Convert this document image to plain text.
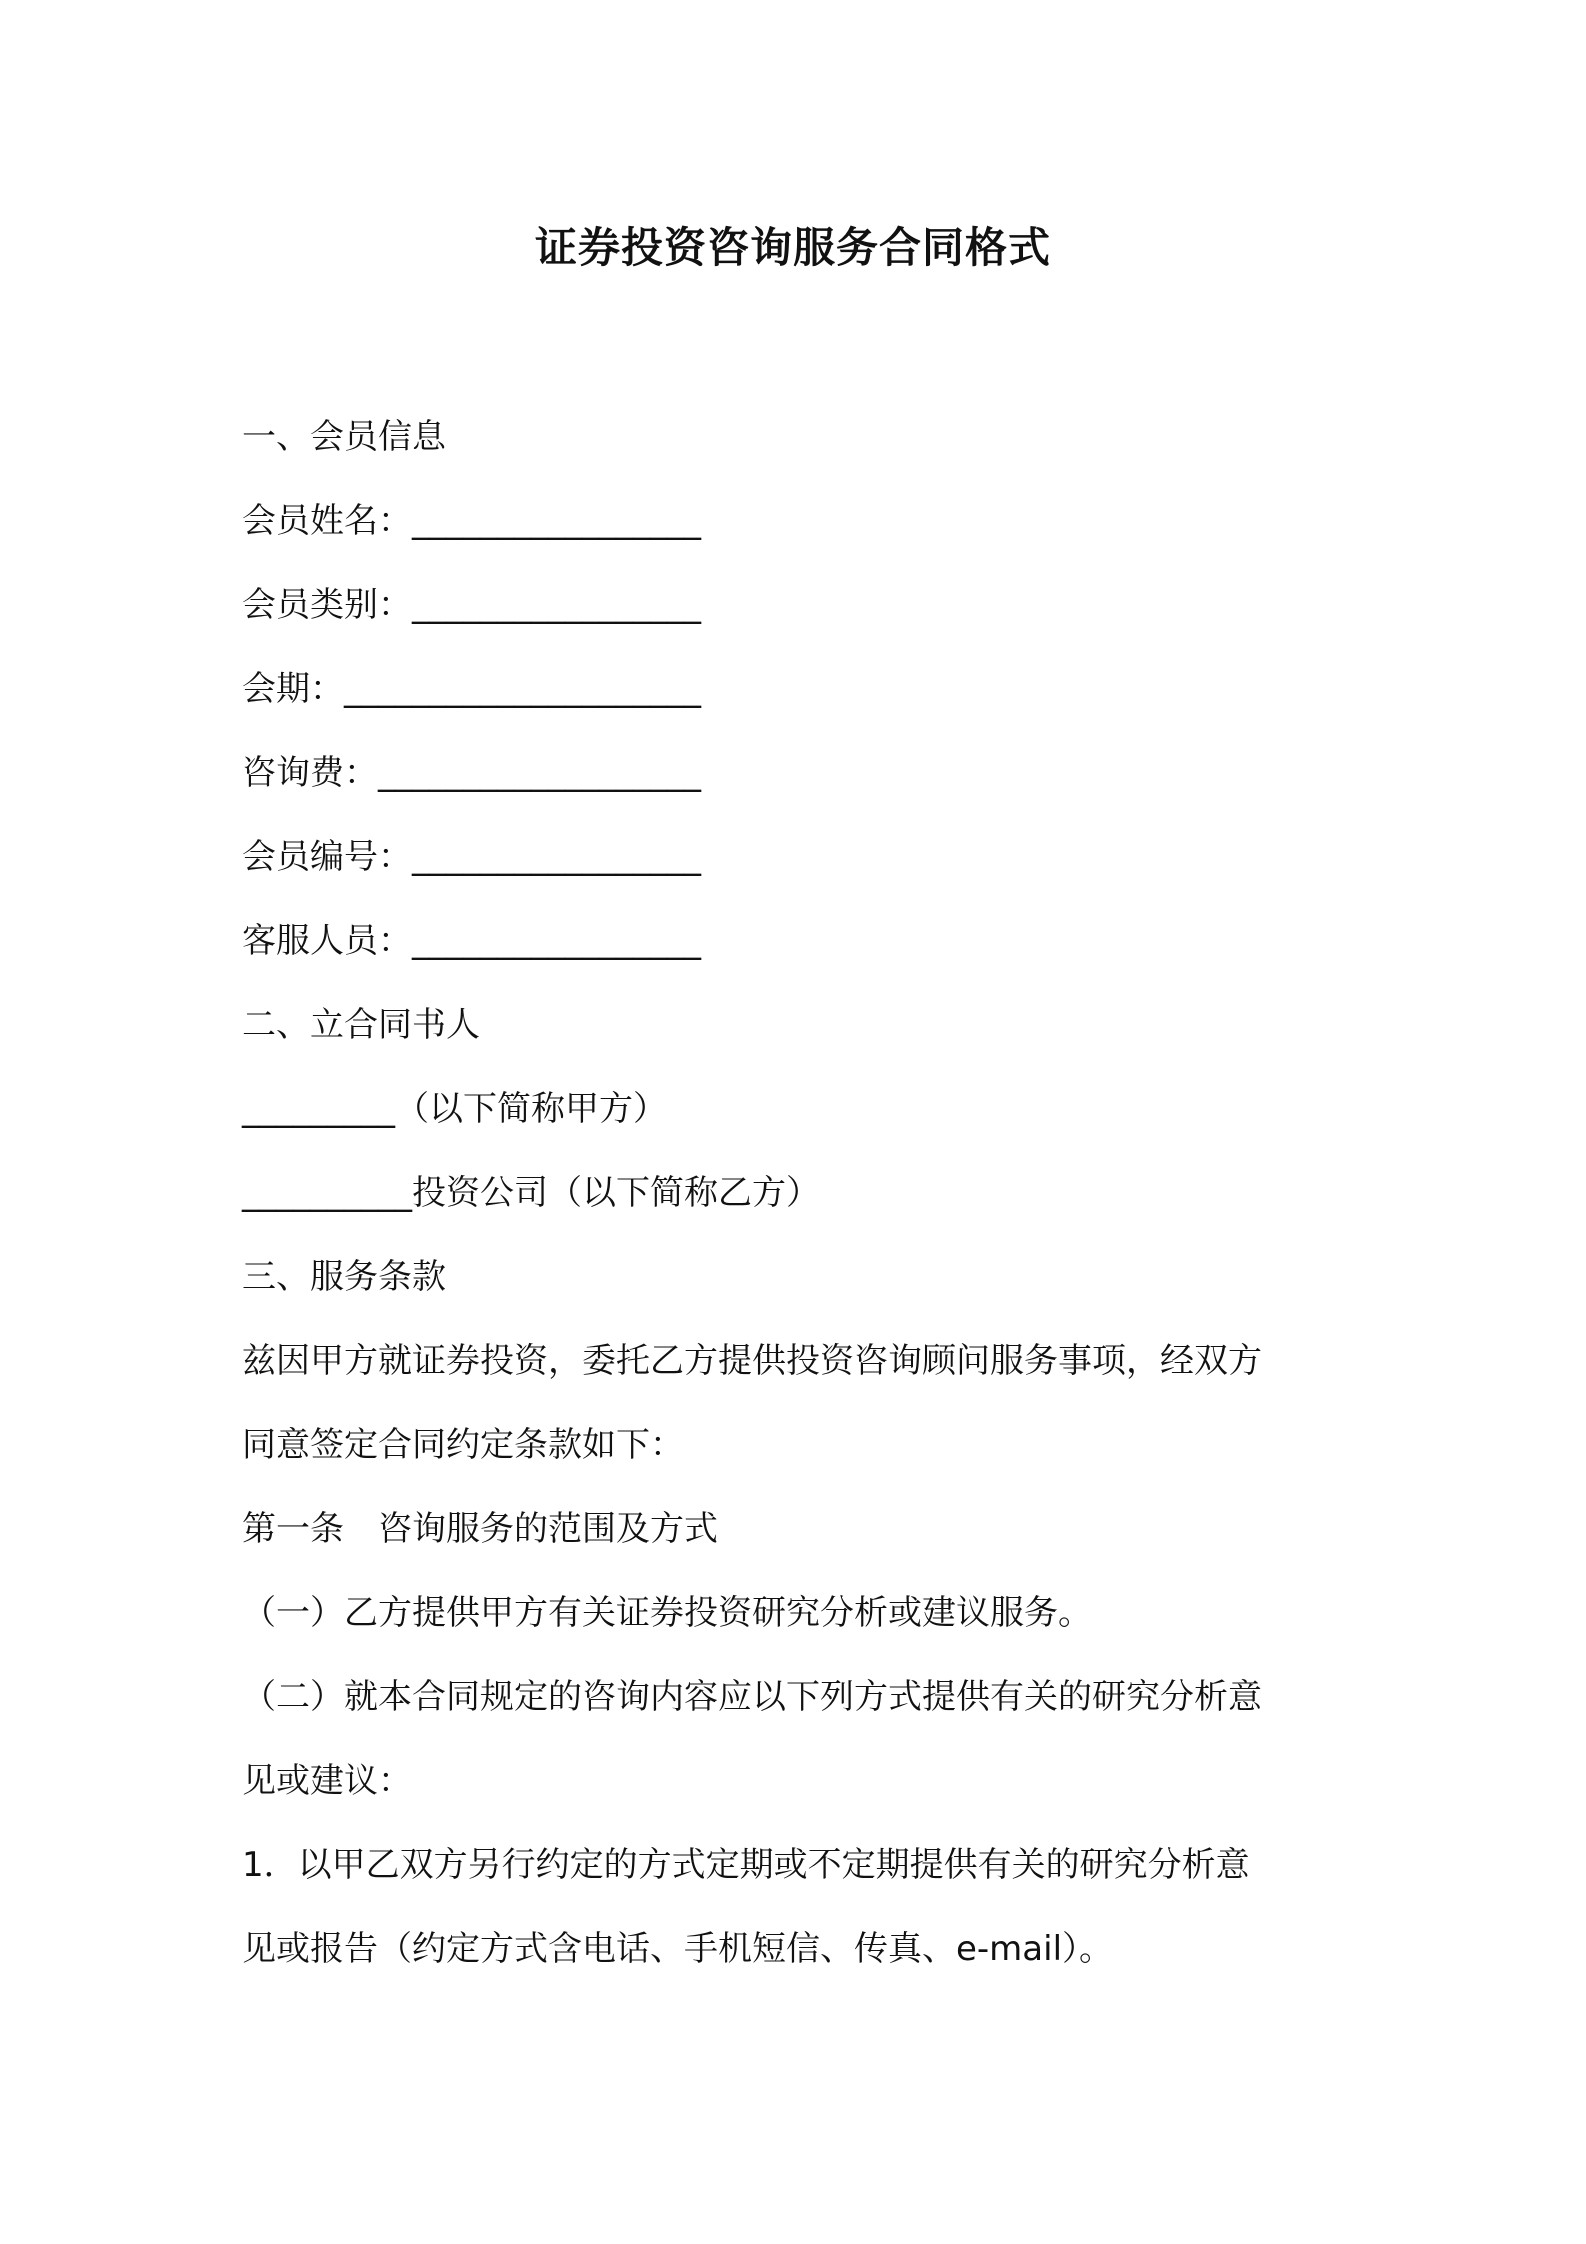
证券投资咨询服务合同格式
一、会员信息
会员姓名：_________________
会员类别：_________________
会期：_____________________
咨询费：___________________
会员编号：_________________
客服人员：_________________
二、立合同书人
_________（以下简称甲方）
__________投资公司（以下简称乙方）
三、服务条款
兹因甲方就证券投资，委托乙方提供投资咨询顾问服务事项，经双方
同意签定合同约定条款如下：
第一条　咨询服务的范围及方式
（一）乙方提供甲方有关证券投资研究分析或建议服务。
（二）就本合同规定的咨询内容应以下列方式提供有关的研究分析意
见或建议：
1．以甲乙双方另行约定的方式定期或不定期提供有关的研究分析意
见或报告（约定方式含电话、手机短信、传真、e-mail）。
